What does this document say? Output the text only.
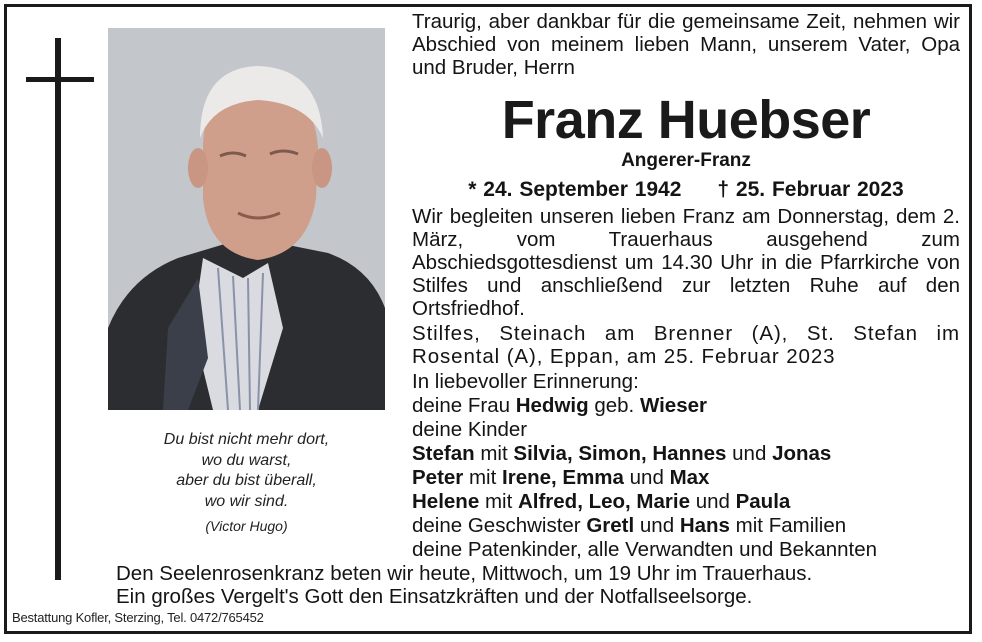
Du bist nicht mehr dort,
wo du warst,
aber du bist überall,
wo wir sind.
(Victor Hugo)
Traurig, aber dankbar für die gemeinsame Zeit, nehmen wir Abschied von meinem lieben Mann, unserem Vater, Opa und Bruder, Herrn
Franz Huebser
Angerer-Franz
* 24. September 1942 † 25. Februar 2023
Wir begleiten unseren lieben Franz am Donnerstag, dem 2. März, vom Trauerhaus ausgehend zum Abschiedsgottesdienst um 14.30 Uhr in die Pfarrkirche von Stilfes und anschließend zur letzten Ruhe auf den Ortsfriedhof.
Stilfes, Steinach am Brenner (A), St. Stefan im Rosental (A), Eppan, am 25. Februar 2023
In liebevoller Erinnerung:
deine Frau Hedwig geb. Wieser
deine Kinder
Stefan mit Silvia, Simon, Hannes und Jonas
Peter mit Irene, Emma und Max
Helene mit Alfred, Leo, Marie und Paula
deine Geschwister Gretl und Hans mit Familien
deine Patenkinder, alle Verwandten und Bekannten
Den Seelenrosenkranz beten wir heute, Mittwoch, um 19 Uhr im Trauerhaus.
Ein großes Vergelt's Gott den Einsatzkräften und der Notfallseelsorge.
Bestattung Kofler, Sterzing, Tel. 0472/765452
